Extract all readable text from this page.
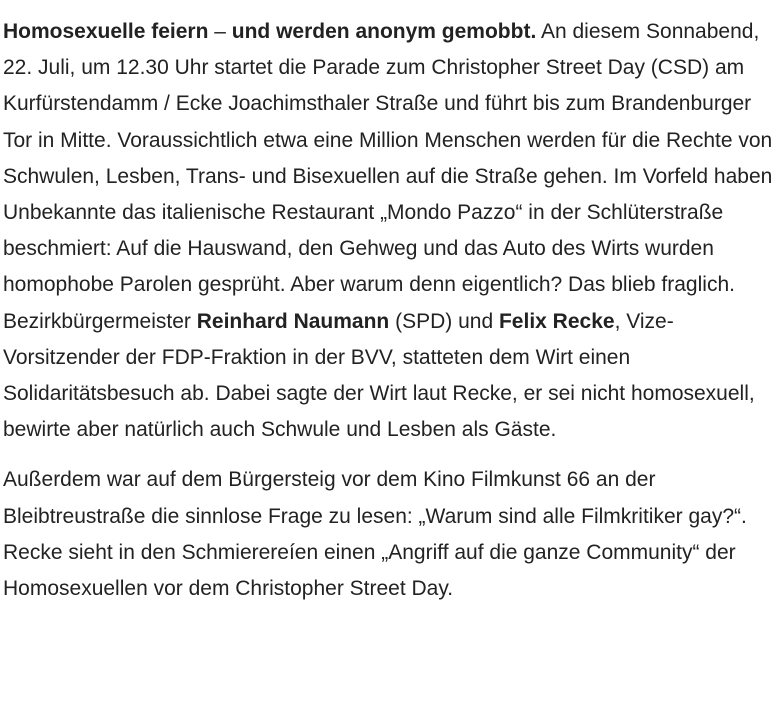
Homosexuelle feiern – und werden anonym gemobbt. An diesem Sonnabend, 22. Juli, um 12.30 Uhr startet die Parade zum Christopher Street Day (CSD) am Kurfürstendamm / Ecke Joachimsthaler Straße und führt bis zum Brandenburger Tor in Mitte. Voraussichtlich etwa eine Million Menschen werden für die Rechte von Schwulen, Lesben, Trans- und Bisexuellen auf die Straße gehen. Im Vorfeld haben Unbekannte das italienische Restaurant „Mondo Pazzo“ in der Schlüterstraße beschmiert: Auf die Hauswand, den Gehweg und das Auto des Wirts wurden homophobe Parolen gesprüht. Aber warum denn eigentlich? Das blieb fraglich. Bezirkbürgermeister Reinhard Naumann (SPD) und Felix Recke, Vize-Vorsitzender der FDP-Fraktion in der BVV, statteten dem Wirt einen Solidaritätsbesuch ab. Dabei sagte der Wirt laut Recke, er sei nicht homosexuell, bewirte aber natürlich auch Schwule und Lesben als Gäste.

Außerdem war auf dem Bürgersteig vor dem Kino Filmkunst 66 an der Bleibtreustraße die sinnlose Frage zu lesen: „Warum sind alle Filmkritiker gay?“. Recke sieht in den Schmierereíen einen „Angriff auf die ganze Community“ der Homosexuellen vor dem Christopher Street Day.
